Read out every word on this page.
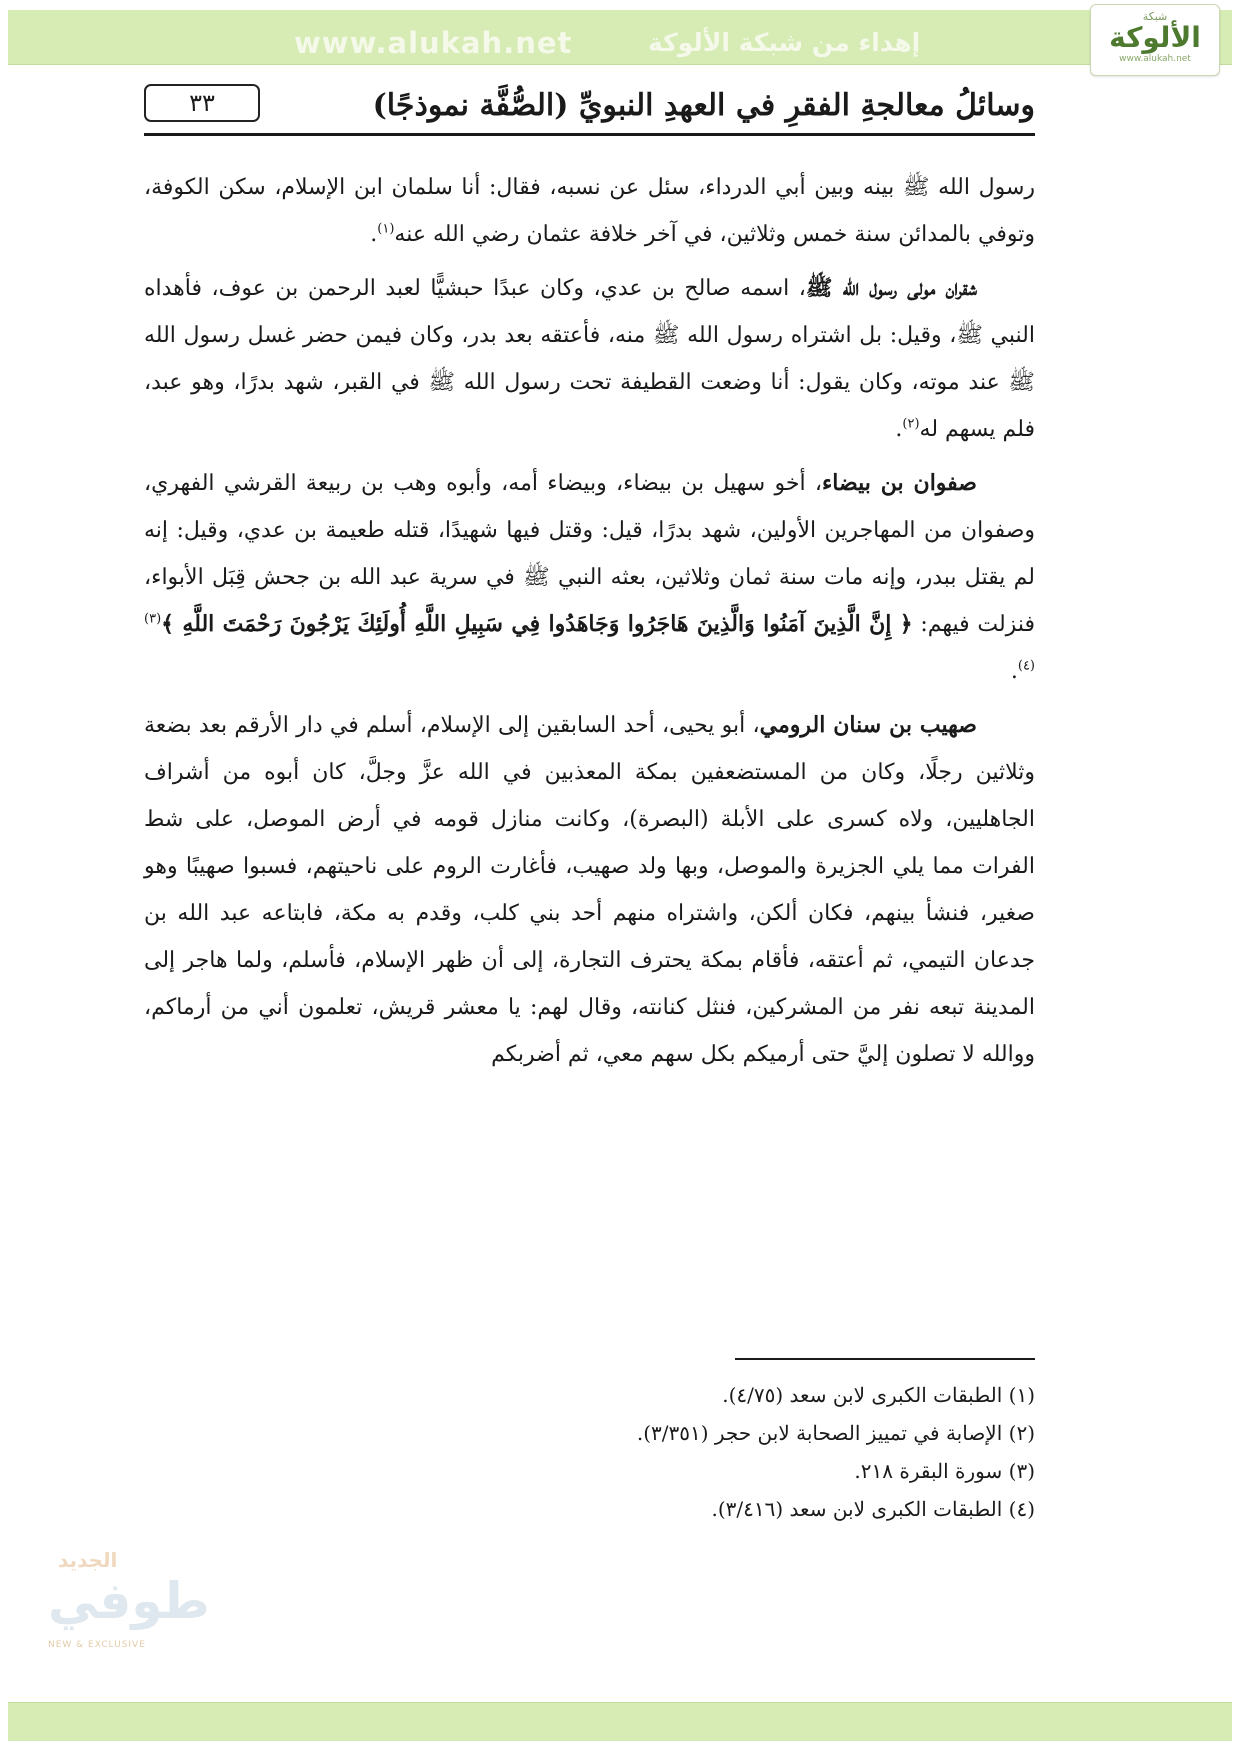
www.alukah.net	إهداء من شبكة الألوكة
شبكة
الألوكة
www.alukah.net
٣٣	وسائلُ معالجةِ الفقرِ في العهدِ النبويِّ (الصُّفَّة نموذجًا)

رسول الله ﷺ بينه وبين أبي الدرداء، سئل عن نسبه، فقال: أنا سلمان ابن الإسلام، سكن الكوفة، وتوفي بالمدائن سنة خمس وثلاثين، في آخر خلافة عثمان رضي الله عنه$^{(١)}$.

شقران مولى رسول الله ﷺ، اسمه صالح بن عدي، وكان عبدًا حبشيًّا لعبد الرحمن بن عوف، فأهداه النبي ﷺ، وقيل: بل اشتراه رسول الله ﷺ منه، فأعتقه بعد بدر، وكان فيمن حضر غسل رسول الله ﷺ عند موته، وكان يقول: أنا وضعت القطيفة تحت رسول الله ﷺ في القبر، شهد بدرًا، وهو عبد، فلم يسهم له$^{(٢)}$.

صفوان بن بيضاء، أخو سهيل بن بيضاء، وبيضاء أمه، وأبوه وهب بن ربيعة القرشي الفهري، وصفوان من المهاجرين الأولين، شهد بدرًا، قيل: وقتل فيها شهيدًا، قتله طعيمة بن عدي، وقيل: إنه لم يقتل ببدر، وإنه مات سنة ثمان وثلاثين، بعثه النبي ﷺ في سرية عبد الله بن جحش قِبَل الأبواء، فنزلت فيهم: ﴿ إِنَّ الَّذِينَ آمَنُوا وَالَّذِينَ هَاجَرُوا وَجَاهَدُوا فِي سَبِيلِ اللَّهِ أُولَئِكَ يَرْجُونَ رَحْمَتَ اللَّهِ ﴾$^{(٣)(٤)}$.

صهيب بن سنان الرومي، أبو يحيى، أحد السابقين إلى الإسلام، أسلم في دار الأرقم بعد بضعة وثلاثين رجلًا، وكان من المستضعفين بمكة المعذبين في الله عزَّ وجلَّ، كان أبوه من أشراف الجاهليين، ولاه كسرى على الأبلة (البصرة)، وكانت منازل قومه في أرض الموصل، على شط الفرات مما يلي الجزيرة والموصل، وبها ولد صهيب، فأغارت الروم على ناحيتهم، فسبوا صهيبًا وهو صغير، فنشأ بينهم، فكان ألكن، واشتراه منهم أحد بني كلب، وقدم به مكة، فابتاعه عبد الله بن جدعان التيمي، ثم أعتقه، فأقام بمكة يحترف التجارة، إلى أن ظهر الإسلام، فأسلم، ولما هاجر إلى المدينة تبعه نفر من المشركين، فنثل كنانته، وقال لهم: يا معشر قريش، تعلمون أني من أرماكم، ووالله لا تصلون إليَّ حتى أرميكم بكل سهم معي، ثم أضربكم

(١) الطبقات الكبرى لابن سعد (٤/٧٥).
(٢) الإصابة في تمييز الصحابة لابن حجر (٣/٣٥١).
(٣) سورة البقرة ٢١٨.
(٤) الطبقات الكبرى لابن سعد (٣/٤١٦).
الجديد
طوفي
NEW & EXCLUSIVE
